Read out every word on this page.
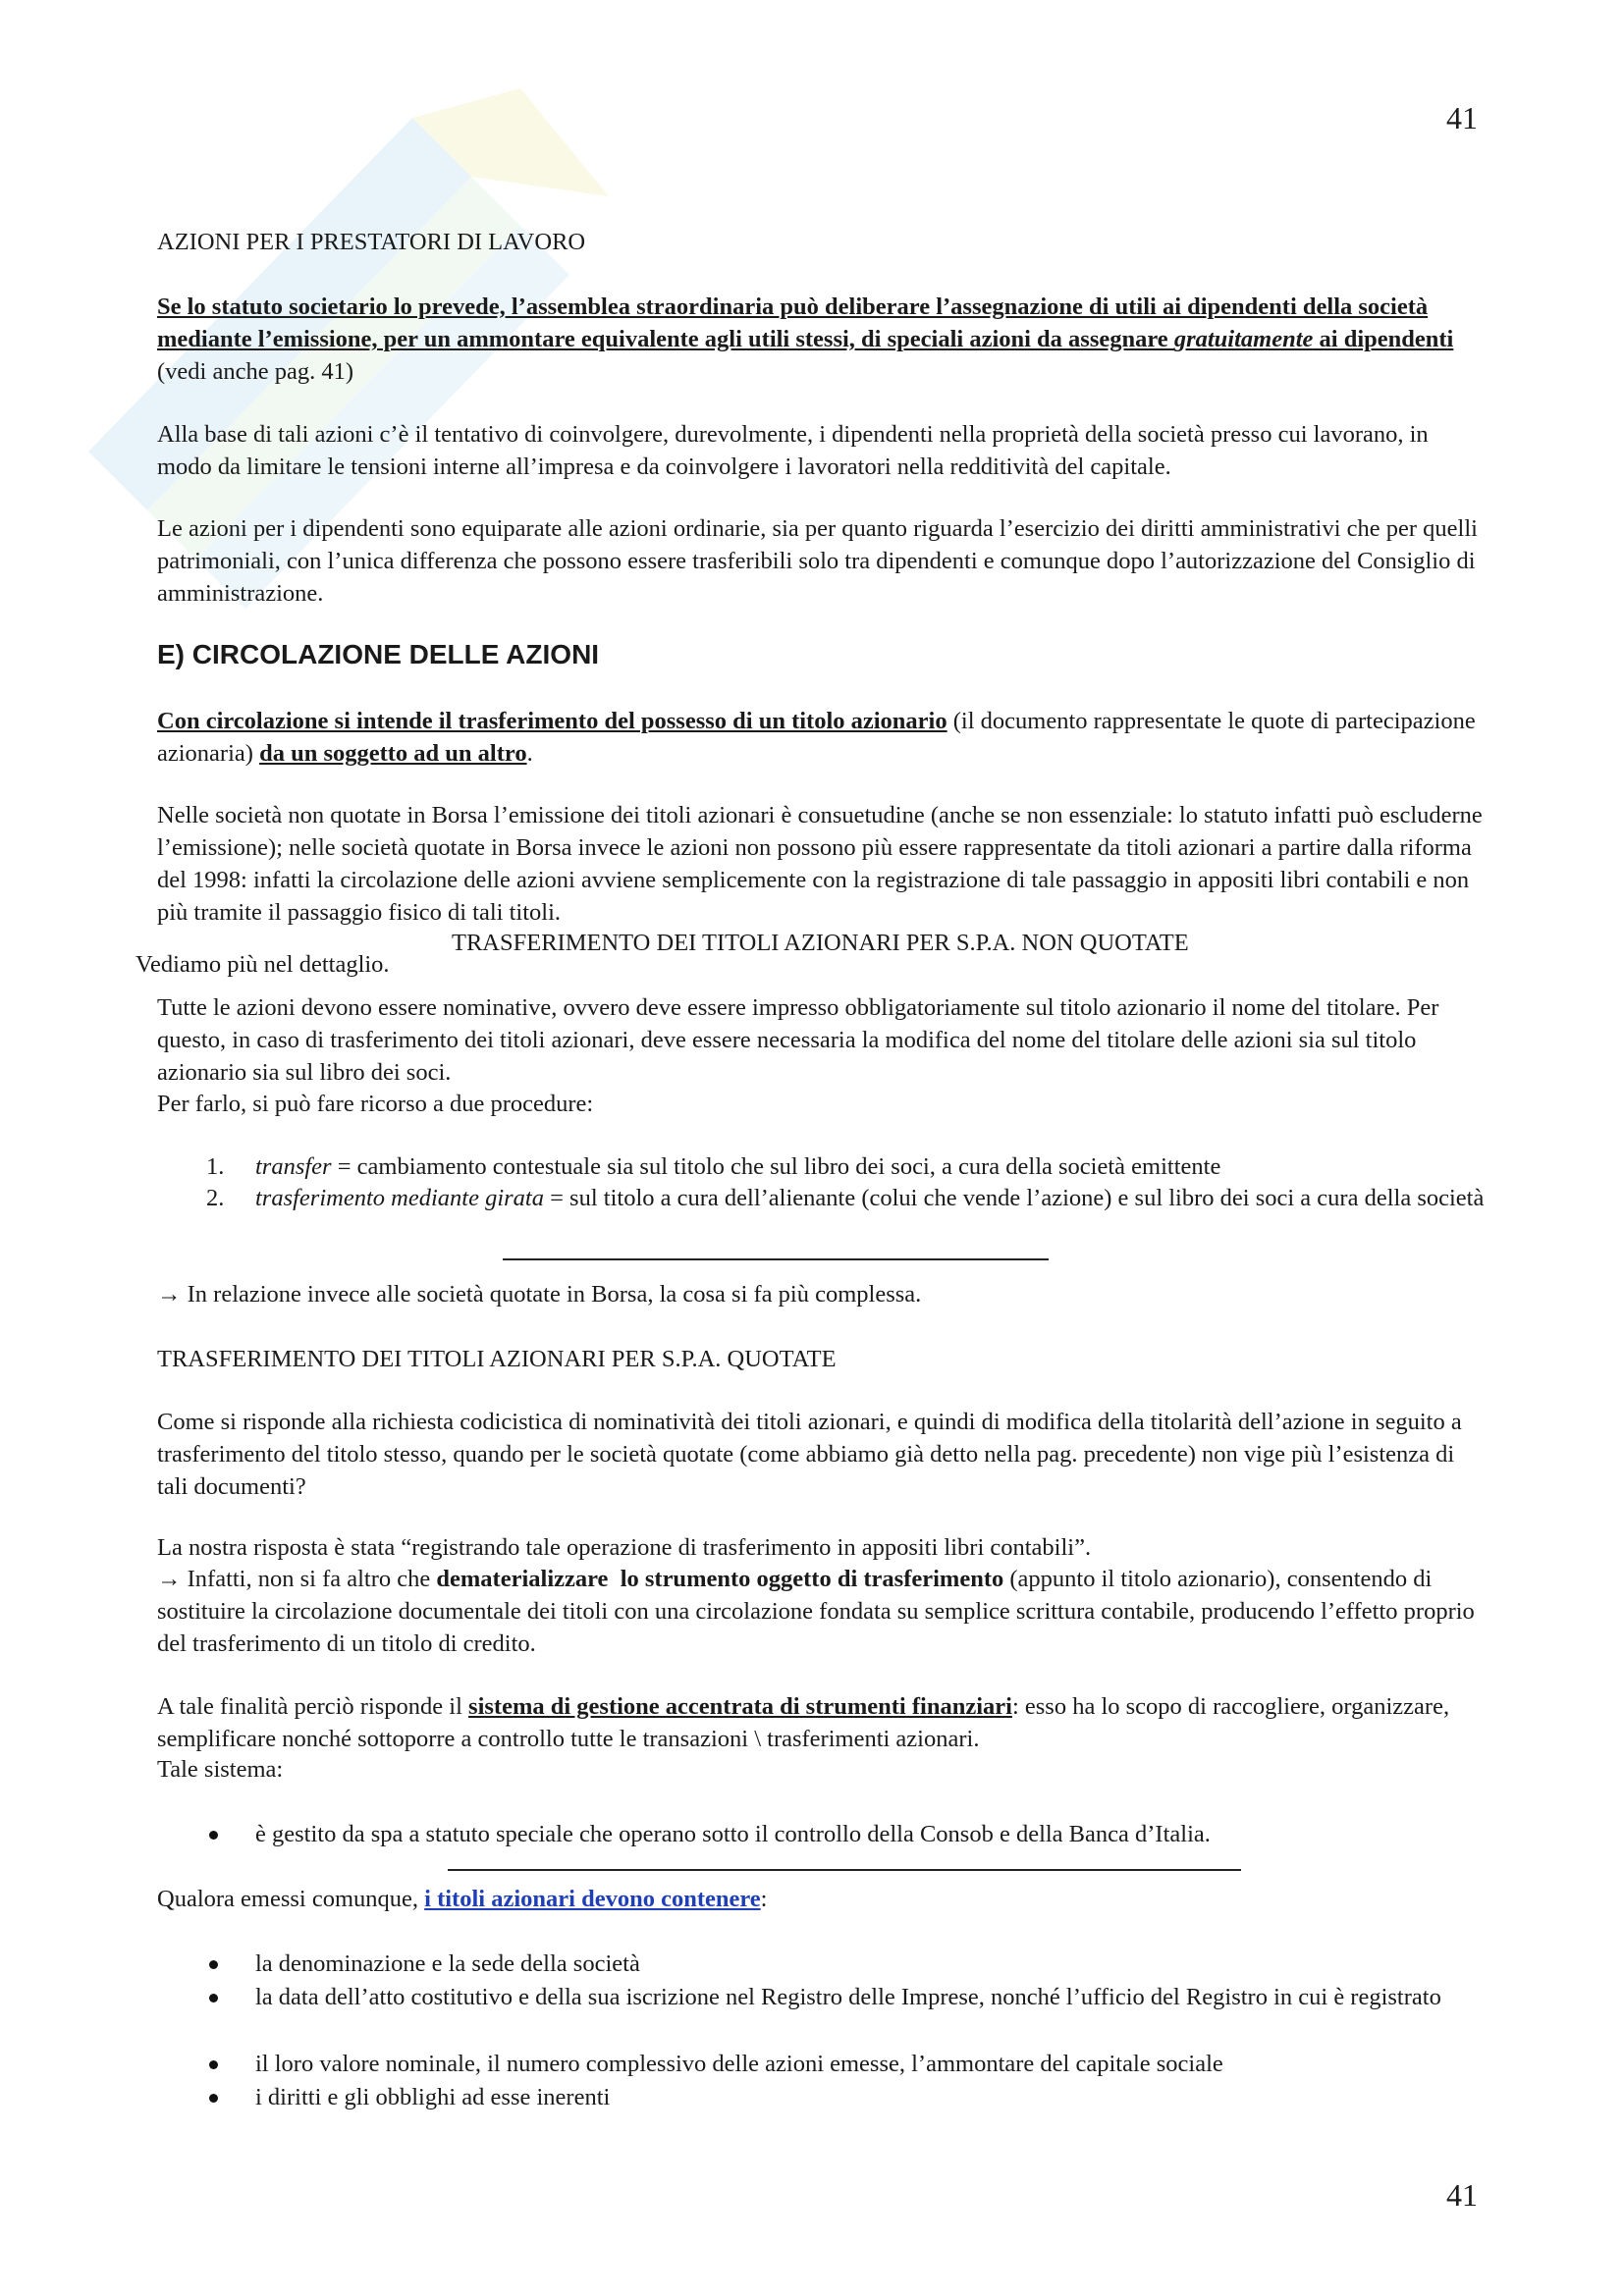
41

AZIONI PER I PRESTATORI DI LAVORO

Se lo statuto societario lo prevede, l’assemblea straordinaria può deliberare l’assegnazione di utili ai dipendenti della società mediante l’emissione, per un ammontare equivalente agli utili stessi, di speciali azioni da assegnare gratuitamente ai dipendenti (vedi anche pag. 41)

Alla base di tali azioni c’è il tentativo di coinvolgere, durevolmente, i dipendenti nella proprietà della società presso cui lavorano, in modo da limitare le tensioni interne all’impresa e da coinvolgere i lavoratori nella redditività del capitale.

Le azioni per i dipendenti sono equiparate alle azioni ordinarie, sia per quanto riguarda l’esercizio dei diritti amministrativi che per quelli patrimoniali, con l’unica differenza che possono essere trasferibili solo tra dipendenti e comunque dopo l’autorizzazione del Consiglio di amministrazione.

E) CIRCOLAZIONE DELLE AZIONI

Con circolazione si intende il trasferimento del possesso di un titolo azionario (il documento rappresentate le quote di partecipazione azionaria) da un soggetto ad un altro.

Nelle società non quotate in Borsa l’emissione dei titoli azionari è consuetudine (anche se non essenziale: lo statuto infatti può escluderne l’emissione); nelle società quotate in Borsa invece le azioni non possono più essere rappresentate da titoli azionari a partire dalla riforma del 1998: infatti la circolazione delle azioni avviene semplicemente con la registrazione di tale passaggio in appositi libri contabili e non più tramite il passaggio fisico di tali titoli.

TRASFERIMENTO DEI TITOLI AZIONARI PER S.P.A. NON QUOTATE
Vediamo più nel dettaglio.

Tutte le azioni devono essere nominative, ovvero deve essere impresso obbligatoriamente sul titolo azionario il nome del titolare. Per questo, in caso di trasferimento dei titoli azionari, deve essere necessaria la modifica del nome del titolare delle azioni sia sul titolo azionario sia sul libro dei soci.

Per farlo, si può fare ricorso a due procedure:

1.	transfer = cambiamento contestuale sia sul titolo che sul libro dei soci, a cura della società emittente
2.	trasferimento mediante girata = sul titolo a cura dell’alienante (colui che vende l’azione) e sul libro dei soci a cura della società
→ In relazione invece alle società quotate in Borsa, la cosa si fa più complessa.

TRASFERIMENTO DEI TITOLI AZIONARI PER S.P.A. QUOTATE

Come si risponde alla richiesta codicistica di nominatività dei titoli azionari, e quindi di modifica della titolarità dell’azione in seguito a trasferimento del titolo stesso, quando per le società quotate (come abbiamo già detto nella pag. precedente) non vige più l’esistenza di tali documenti?

La nostra risposta è stata “registrando tale operazione di trasferimento in appositi libri contabili”.

→ Infatti, non si fa altro che dematerializzare lo strumento oggetto di trasferimento (appunto il titolo azionario), consentendo di sostituire la circolazione documentale dei titoli con una circolazione fondata su semplice scrittura contabile, producendo l’effetto proprio del trasferimento di un titolo di credito.

A tale finalità perciò risponde il sistema di gestione accentrata di strumenti finanziari: esso ha lo scopo di raccogliere, organizzare, semplificare nonché sottoporre a controllo tutte le transazioni \ trasferimenti azionari.

Tale sistema:

è gestito da spa a statuto speciale che operano sotto il controllo della Consob e della Banca d’Italia.

Qualora emessi comunque, i titoli azionari devono contenere:

la denominazione e la sede della società
la data dell’atto costitutivo e della sua iscrizione nel Registro delle Imprese, nonché l’ufficio del Registro in cui è registrato
il loro valore nominale, il numero complessivo delle azioni emesse, l’ammontare del capitale sociale
i diritti e gli obblighi ad esse inerenti
41
